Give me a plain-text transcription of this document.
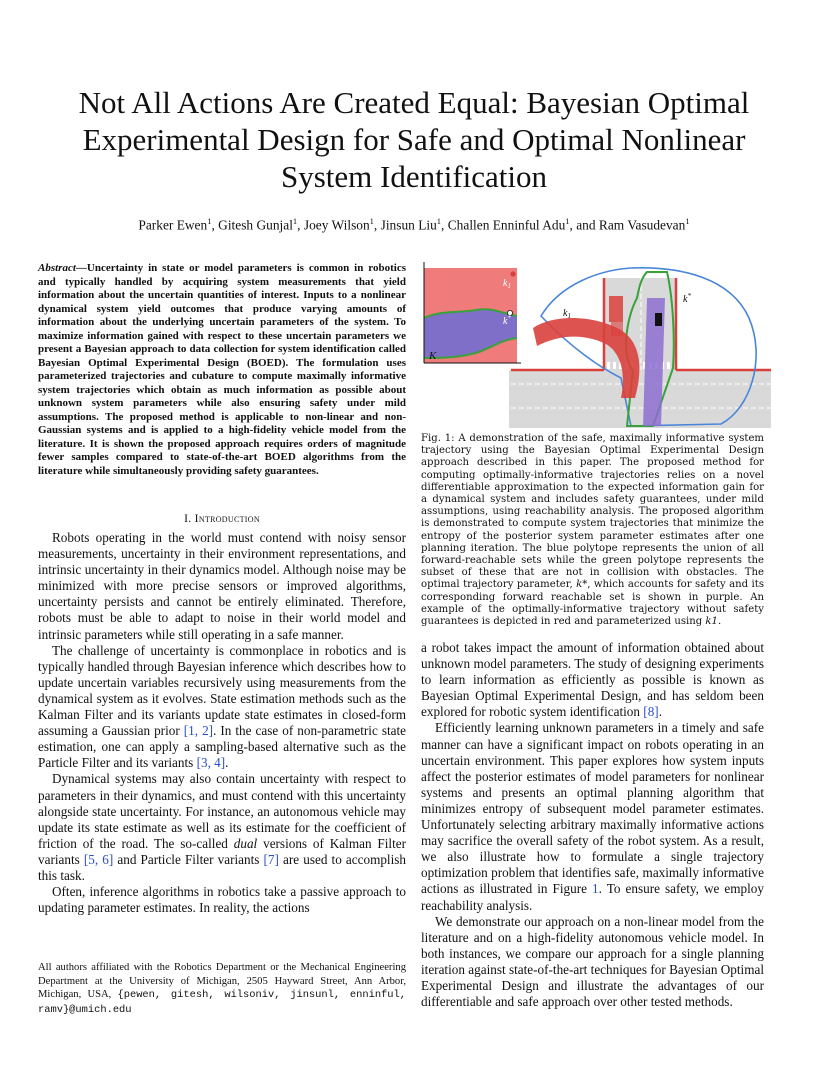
Not All Actions Are Created Equal: Bayesian Optimal Experimental Design for Safe and Optimal Nonlinear System Identification
Parker Ewen$^1$, Gitesh Gunjal$^1$, Joey Wilson$^1$, Jinsun Liu$^1$, Challen Enninful Adu$^1$, and Ram Vasudevan$^1$
Abstract—Uncertainty in state or model parameters is common in robotics and typically handled by acquiring system measurements that yield information about the uncertain quantities of interest. Inputs to a nonlinear dynamical system yield outcomes that produce varying amounts of information about the underlying uncertain parameters of the system. To maximize information gained with respect to these uncertain parameters we present a Bayesian approach to data collection for system identification called Bayesian Optimal Experimental Design (BOED). The formulation uses parameterized trajectories and cubature to compute maximally informative system trajectories which obtain as much information as possible about unknown system parameters while also ensuring safety under mild assumptions. The proposed method is applicable to non-linear and non-Gaussian systems and is applied to a high-fidelity vehicle model from the literature. It is shown the proposed approach requires orders of magnitude fewer samples compared to state-of-the-art BOED algorithms from the literature while simultaneously providing safety guarantees.
I. Introduction

Robots operating in the world must contend with noisy sensor measurements, uncertainty in their environment representations, and intrinsic uncertainty in their dynamics model. Although noise may be minimized with more precise sensors or improved algorithms, uncertainty persists and cannot be entirely eliminated. Therefore, robots must be able to adapt to noise in their world model and intrinsic parameters while still operating in a safe manner.

The challenge of uncertainty is commonplace in robotics and is typically handled through Bayesian inference which describes how to update uncertain variables recursively using measurements from the dynamical system as it evolves. State estimation methods such as the Kalman Filter and its variants update state estimates in closed-form assuming a Gaussian prior [1, 2]. In the case of non-parametric state estimation, one can apply a sampling-based alternative such as the Particle Filter and its variants [3, 4].

Dynamical systems may also contain uncertainty with respect to parameters in their dynamics, and must contend with this uncertainty alongside state uncertainty. For instance, an autonomous vehicle may update its state estimate as well as its estimate for the coefficient of friction of the road. The so-called dual versions of Kalman Filter variants [5, 6] and Particle Filter variants [7] are used to accomplish this task.

Often, inference algorithms in robotics take a passive approach to updating parameter estimates. In reality, the actions

All authors affiliated with the Robotics Department or the Mechanical Engineering Department at the University of Michigan, 2505 Hayward Street, Ann Arbor, Michigan, USA, {pewen, gitesh, wilsoniv, jinsunl, enninful, ramv}@umich.edu
$k_1$
k*
K
$k_1$
k*
Fig. 1: A demonstration of the safe, maximally informative system trajectory using the Bayesian Optimal Experimental Design approach described in this paper. The proposed method for computing optimally-informative trajectories relies on a novel differentiable approximation to the expected information gain for a dynamical system and includes safety guarantees, under mild assumptions, using reachability analysis. The proposed algorithm is demonstrated to compute system trajectories that minimize the entropy of the posterior system parameter estimates after one planning iteration. The blue polytope represents the union of all forward-reachable sets while the green polytope represents the subset of these that are not in collision with obstacles. The optimal trajectory parameter, k*, which accounts for safety and its corresponding forward reachable set is shown in purple. An example of the optimally-informative trajectory without safety guarantees is depicted in red and parameterized using k1.

a robot takes impact the amount of information obtained about unknown model parameters. The study of designing experiments to learn information as efficiently as possible is known as Bayesian Optimal Experimental Design, and has seldom been explored for robotic system identification [8].

Efficiently learning unknown parameters in a timely and safe manner can have a significant impact on robots operating in an uncertain environment. This paper explores how system inputs affect the posterior estimates of model parameters for nonlinear systems and presents an optimal planning algorithm that minimizes entropy of subsequent model parameter estimates. Unfortunately selecting arbitrary maximally informative actions may sacrifice the overall safety of the robot system. As a result, we also illustrate how to formulate a single trajectory optimization problem that identifies safe, maximally informative actions as illustrated in Figure 1. To ensure safety, we employ reachability analysis.

We demonstrate our approach on a non-linear model from the literature and on a high-fidelity autonomous vehicle model. In both instances, we compare our approach for a single planning iteration against state-of-the-art techniques for Bayesian Optimal Experimental Design and illustrate the advantages of our differentiable and safe approach over other tested methods.
